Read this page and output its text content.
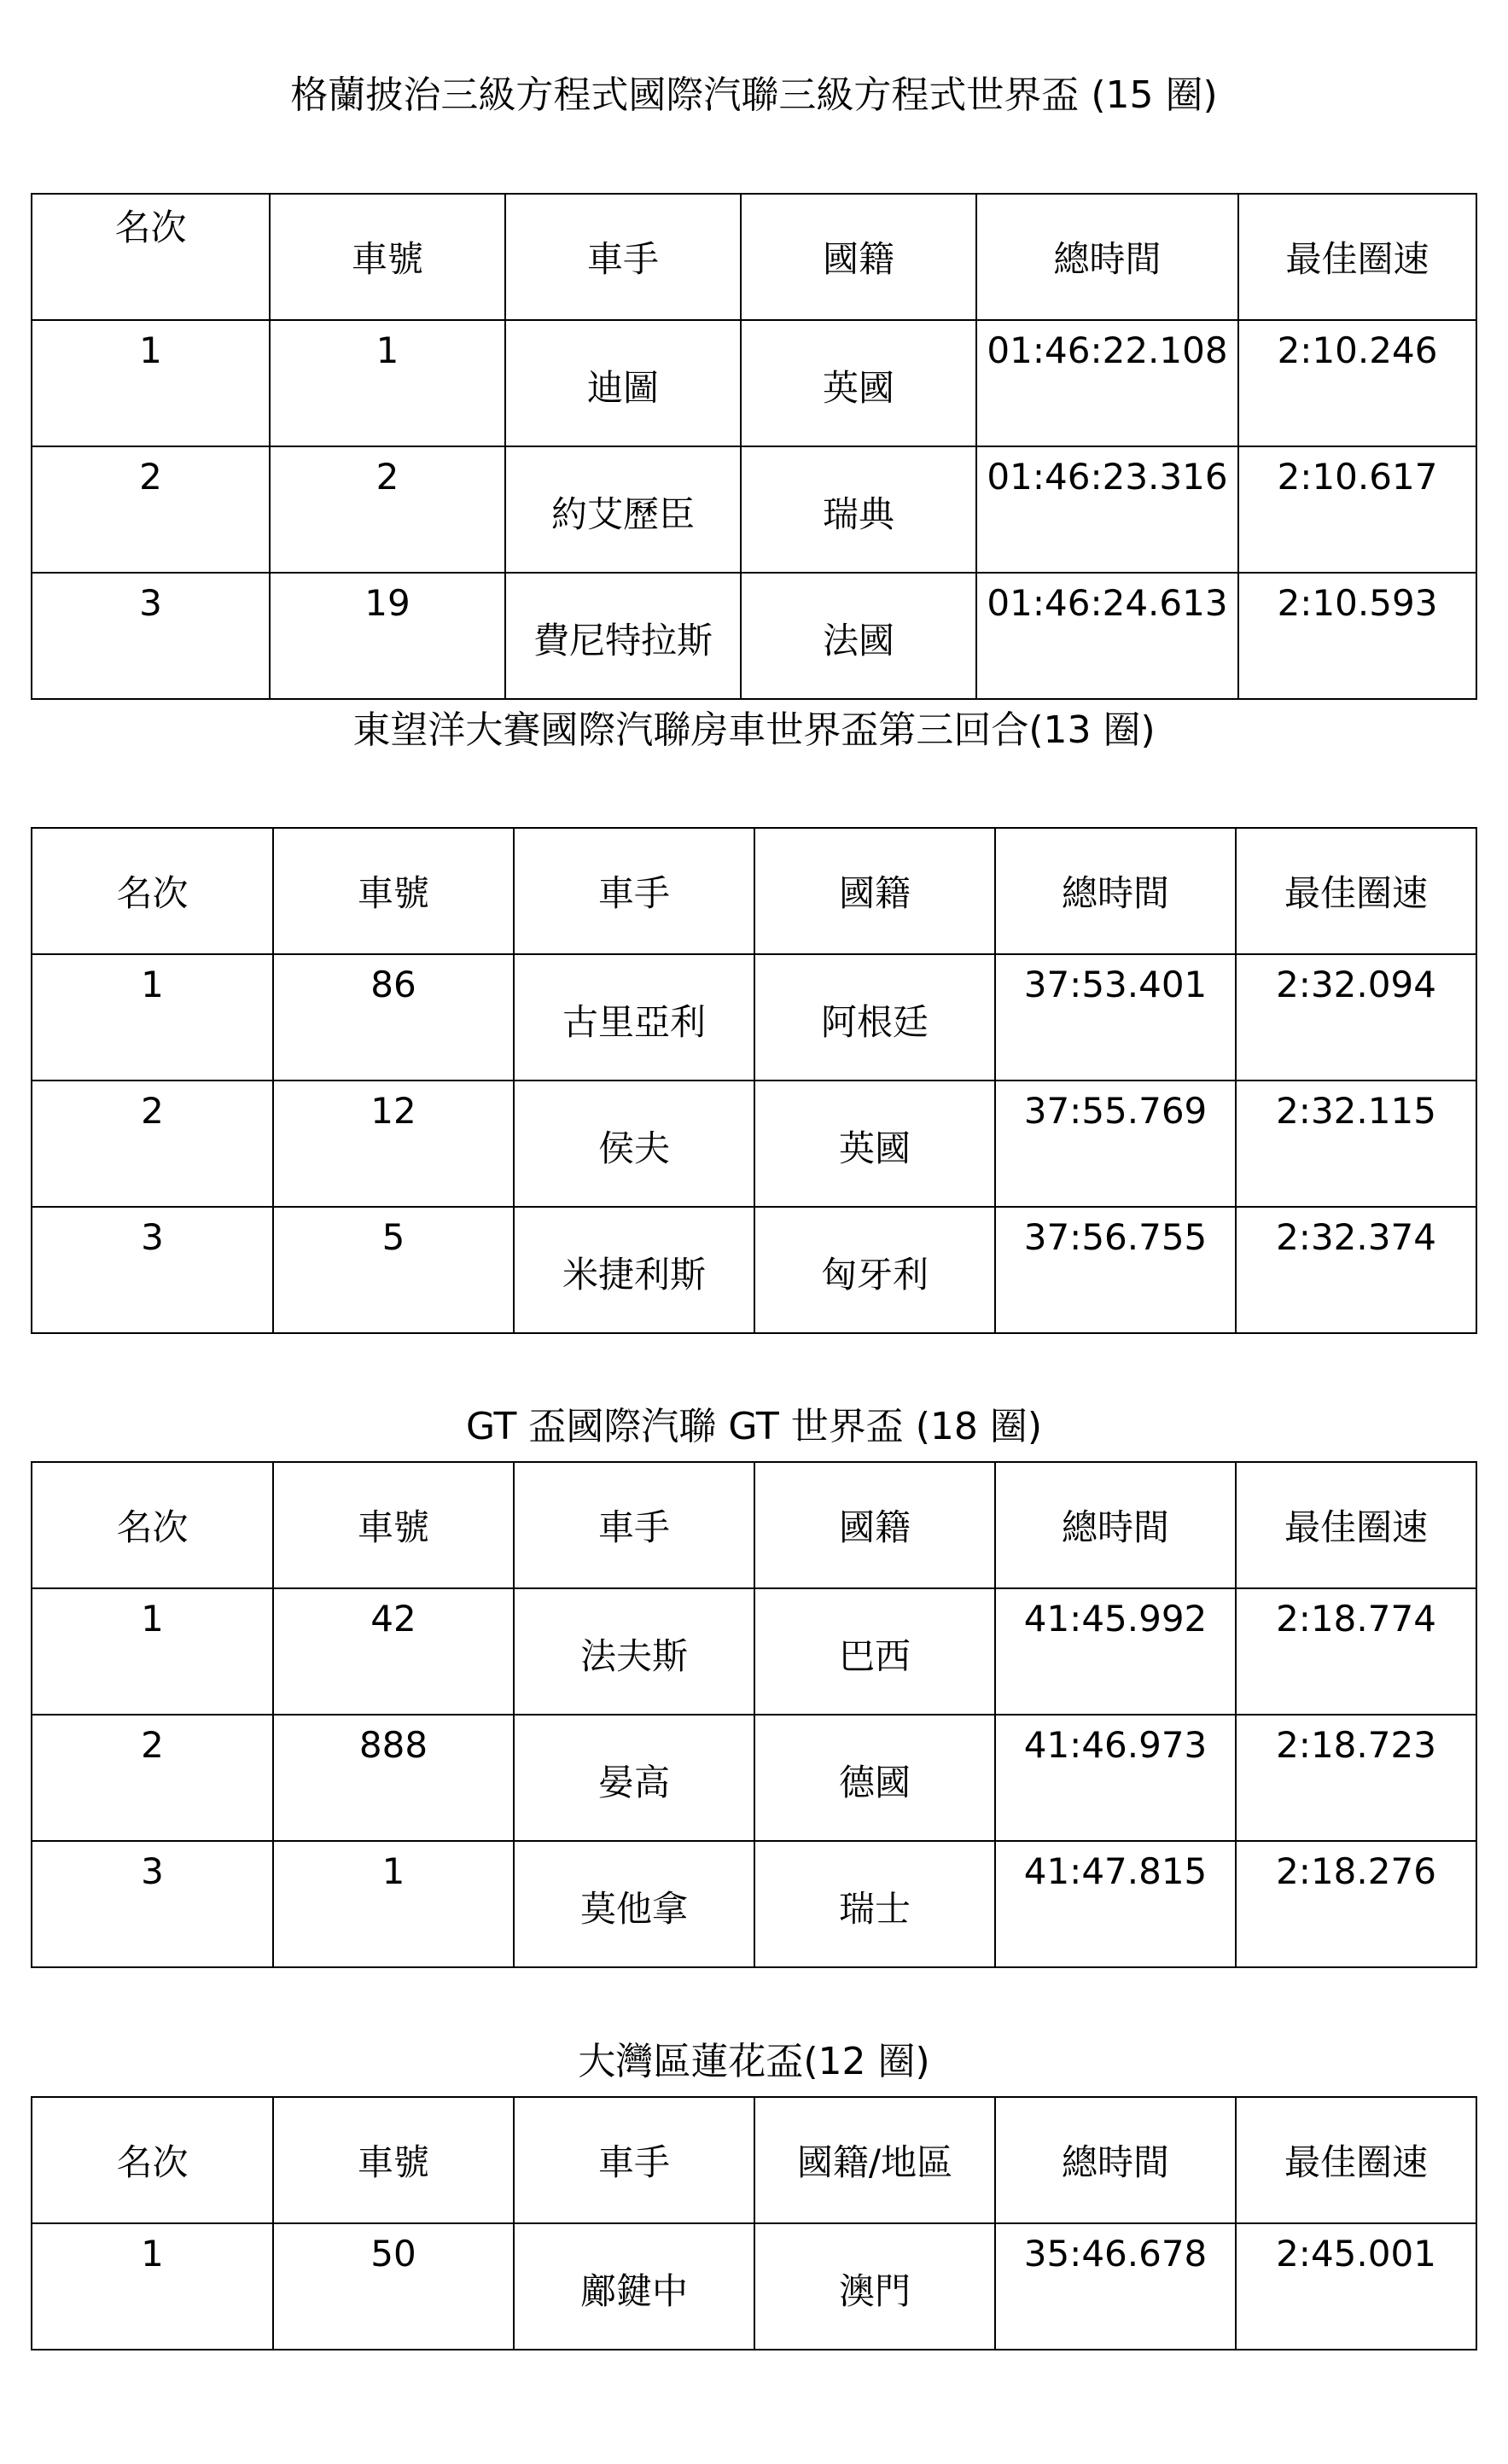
格蘭披治三級方程式國際汽聯三級方程式世界盃 (15 圈)
名次	車號	車手	國籍	總時間	最佳圈速

1	1	迪圖	英國	01:46:22.108	2:10.246

2	2	約艾歷臣	瑞典	01:46:23.316	2:10.617

3	19	費尼特拉斯	法國	01:46:24.613	2:10.593
東望洋大賽國際汽聯房車世界盃第三回合(13 圈)
名次	車號	車手	國籍	總時間	最佳圈速

1	86	古里亞利	阿根廷	37:53.401	2:32.094

2	12	侯夫	英國	37:55.769	2:32.115

3	5	米捷利斯	匈牙利	37:56.755	2:32.374
GT 盃國際汽聯 GT 世界盃 (18 圈)
名次	車號	車手	國籍	總時間	最佳圈速

1	42	法夫斯	巴西	41:45.992	2:18.774

2	888	晏高	德國	41:46.973	2:18.723

3	1	莫他拿	瑞士	41:47.815	2:18.276
大灣區蓮花盃(12 圈)
名次	車號	車手	國籍/地區	總時間	最佳圈速

1	50	鄺鍵中	澳門	35:46.678	2:45.001
